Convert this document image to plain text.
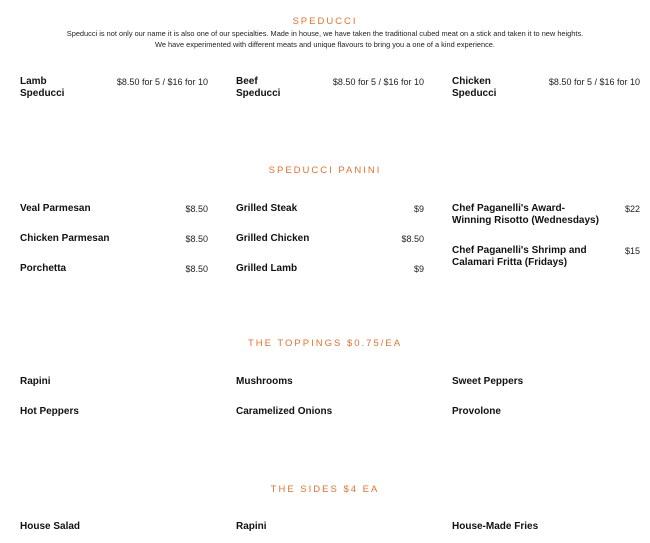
SPEDUCCI
Speducci is not only our name it is also one of our specialties. Made in house, we have taken the traditional cubed meat on a stick and taken it to new heights.
We have experimented with different meats and unique flavours to bring you a one of a kind experience.
Lamb Speducci
$8.50 for 5 / $16 for 10	Beef Speducci
$8.50 for 5 / $16 for 10	Chicken Speducci
$8.50 for 5 / $16 for 10
SPEDUCCI PANINI
Veal Parmesan	$8.50
Chicken Parmesan	$8.50
Porchetta	$8.50
Grilled Steak	$9
Grilled Chicken	$8.50
Grilled Lamb	$9
Chef Paganelli's Award-Winning Risotto (Wednesdays)
$22
Chef Paganelli's Shrimp and Calamari Fritta (Fridays)
$15
THE TOPPINGS $0.75/EA
Rapini	Mushrooms	Sweet Peppers
Hot Peppers	Caramelized Onions	Provolone
THE SIDES $4 EA
House Salad	Rapini	House-Made Fries
